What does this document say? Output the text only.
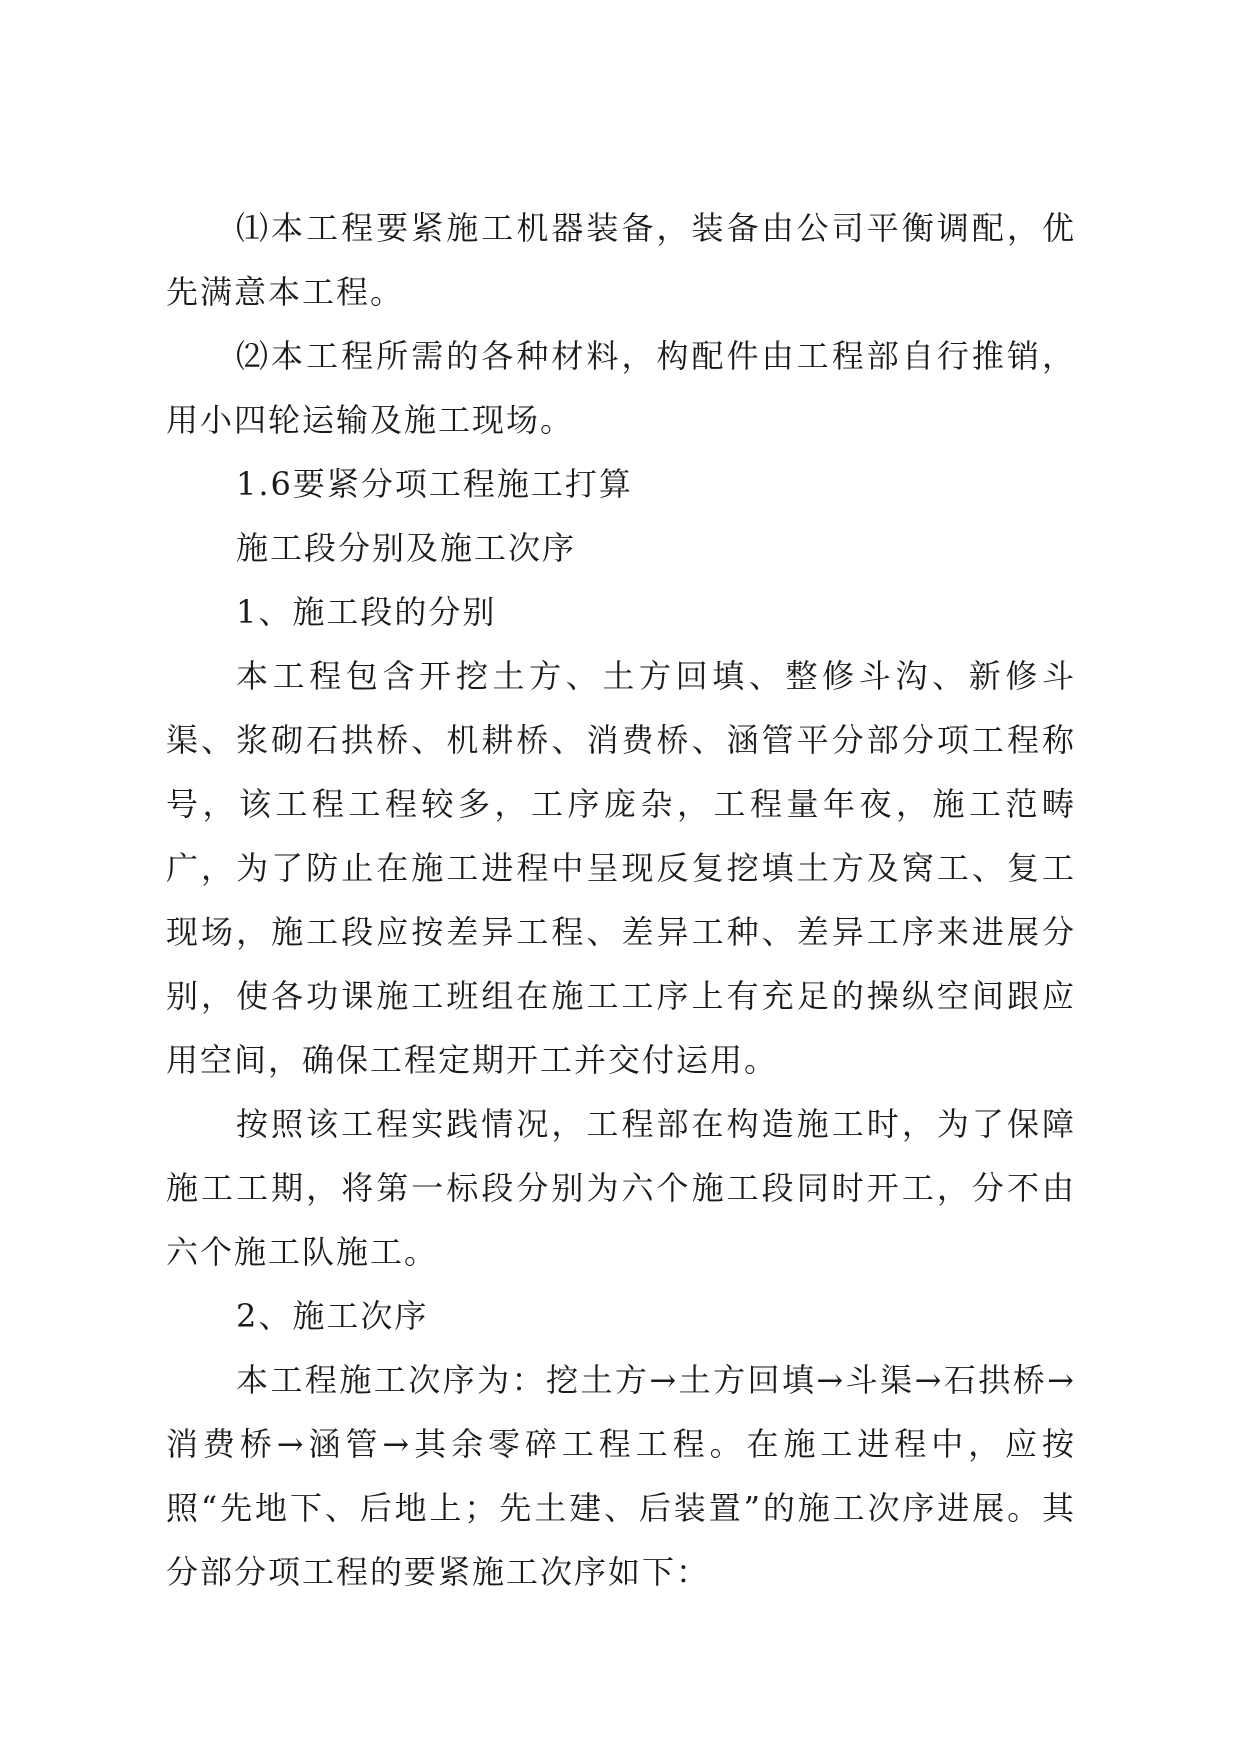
⑴本工程要紧施工机器装备，装备由公司平衡调配，优先满意本工程。

⑵本工程所需的各种材料，构配件由工程部自行推销，用小四轮运输及施工现场。

1.6要紧分项工程施工打算

施工段分别及施工次序

1、施工段的分别

本工程包含开挖土方、土方回填、整修斗沟、新修斗渠、浆砌石拱桥、机耕桥、消费桥、涵管平分部分项工程称号，该工程工程较多，工序庞杂，工程量年夜，施工范畴广，为了防止在施工进程中呈现反复挖填土方及窝工、复工现场，施工段应按差异工程、差异工种、差异工序来进展分别，使各功课施工班组在施工工序上有充足的操纵空间跟应用空间，确保工程定期开工并交付运用。

按照该工程实践情况，工程部在构造施工时，为了保障施工工期，将第一标段分别为六个施工段同时开工，分不由六个施工队施工。

2、施工次序

本工程施工次序为：挖土方→土方回填→斗渠→石拱桥→消费桥→涵管→其余零碎工程工程。在施工进程中，应按照“先地下、后地上；先土建、后装置”的施工次序进展。其分部分项工程的要紧施工次序如下：
